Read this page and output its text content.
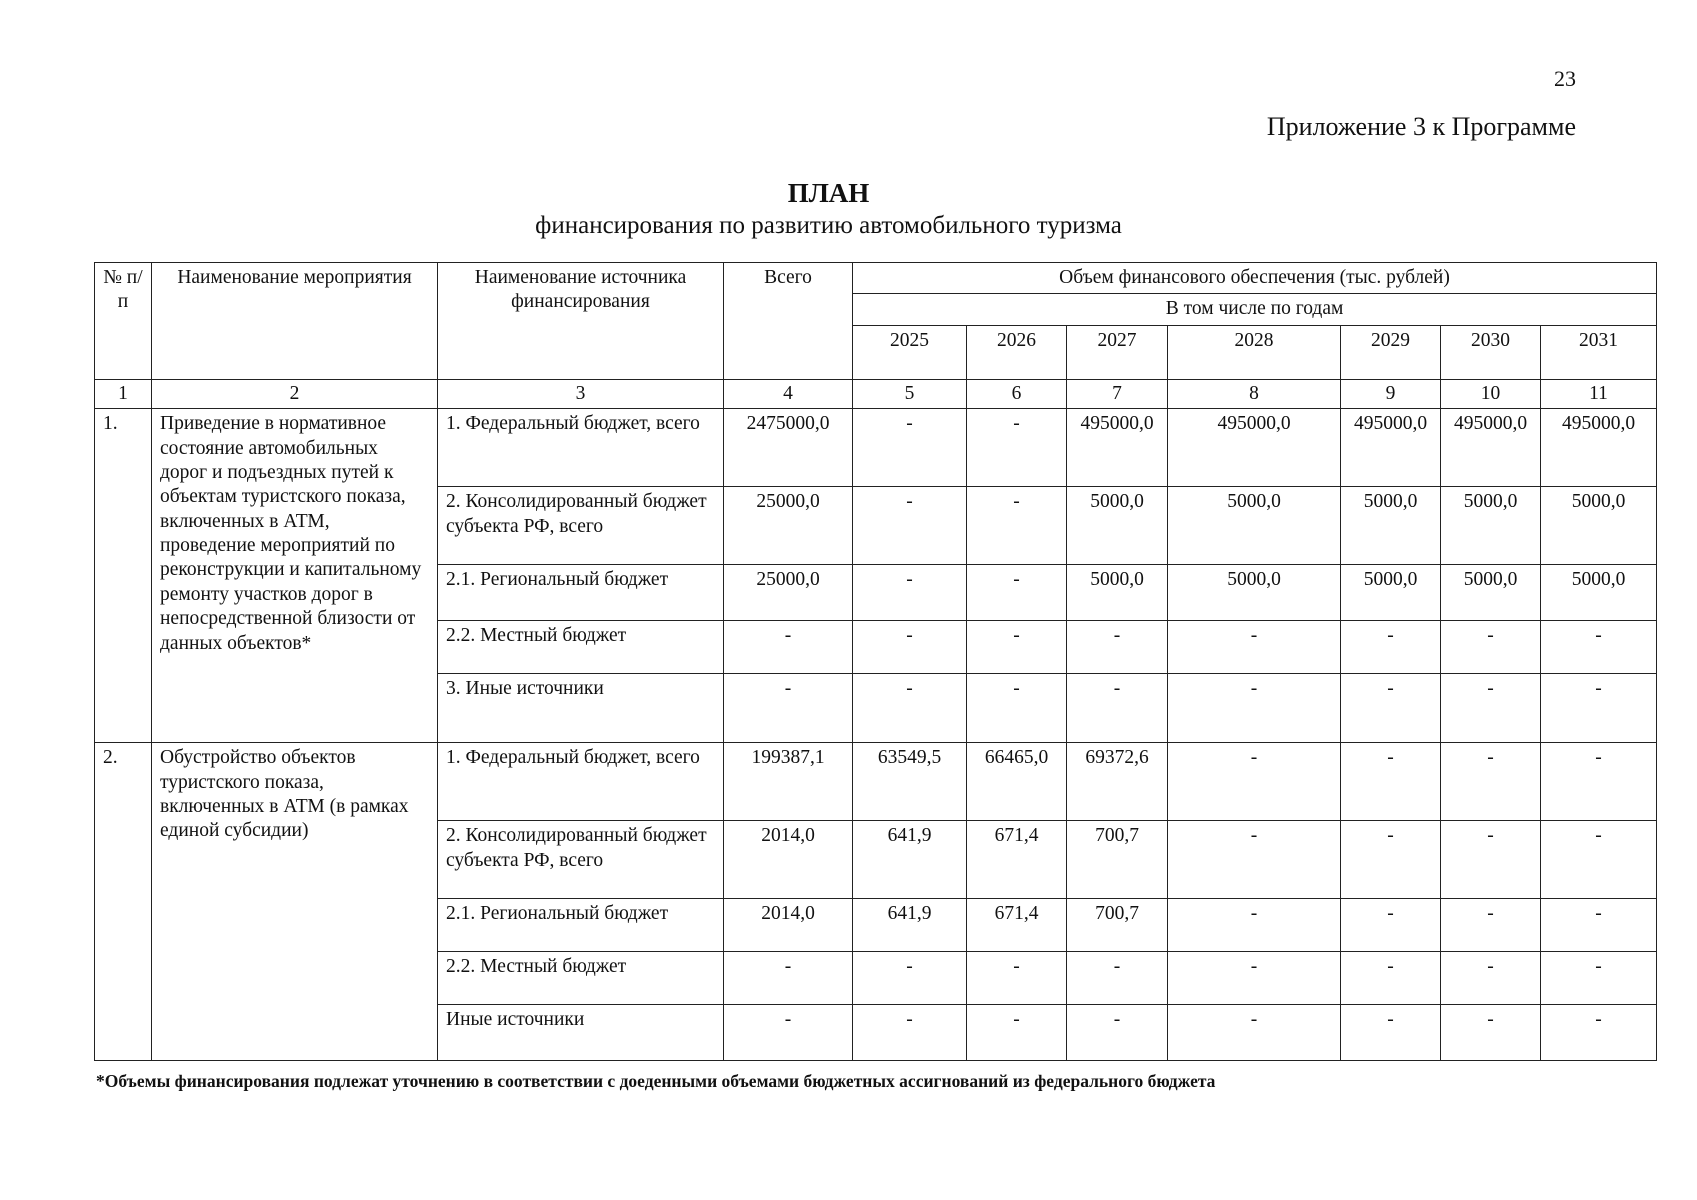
23
Приложение 3 к Программе
ПЛАН
финансирования по развитию автомобильного туризма
№ п/п	Наименование мероприятия	Наименование источника финансирования	Всего	Объем финансового обеспечения (тыс. рублей)						
				В том числе по годам						
				2025	2026	2027	2028	2029	2030	2031
1	2	3	4	5	6	7	8	9	10	11
1.	Приведение в нормативное состояние автомобильных дорог и подъездных путей к объектам туристского показа, включенных в АТМ, проведение мероприятий по реконструкции и капитальному ремонту участков дорог в непосредственной близости от данных объектов*	1. Федеральный бюджет, всего	2475000,0	-	-	495000,0	495000,0	495000,0	495000,0	495000,0
		2. Консолидированный бюджет субъекта РФ, всего	25000,0	-	-	5000,0	5000,0	5000,0	5000,0	5000,0
		2.1. Региональный бюджет	25000,0	-	-	5000,0	5000,0	5000,0	5000,0	5000,0
		2.2. Местный бюджет	-	-	-	-	-	-	-	-
		3. Иные источники	-	-	-	-	-	-	-	-
2.	Обустройство объектов туристского показа, включенных в АТМ (в рамках единой субсидии)	1. Федеральный бюджет, всего	199387,1	63549,5	66465,0	69372,6	-	-	-	-
		2. Консолидированный бюджет субъекта РФ, всего	2014,0	641,9	671,4	700,7	-	-	-	-
		2.1. Региональный бюджет	2014,0	641,9	671,4	700,7	-	-	-	-
		2.2. Местный бюджет	-	-	-	-	-	-	-	-
		Иные источники	-	-	-	-	-	-	-	-
*Объемы финансирования подлежат уточнению в соответствии с доеденными объемами бюджетных ассигнований из федерального бюджета
